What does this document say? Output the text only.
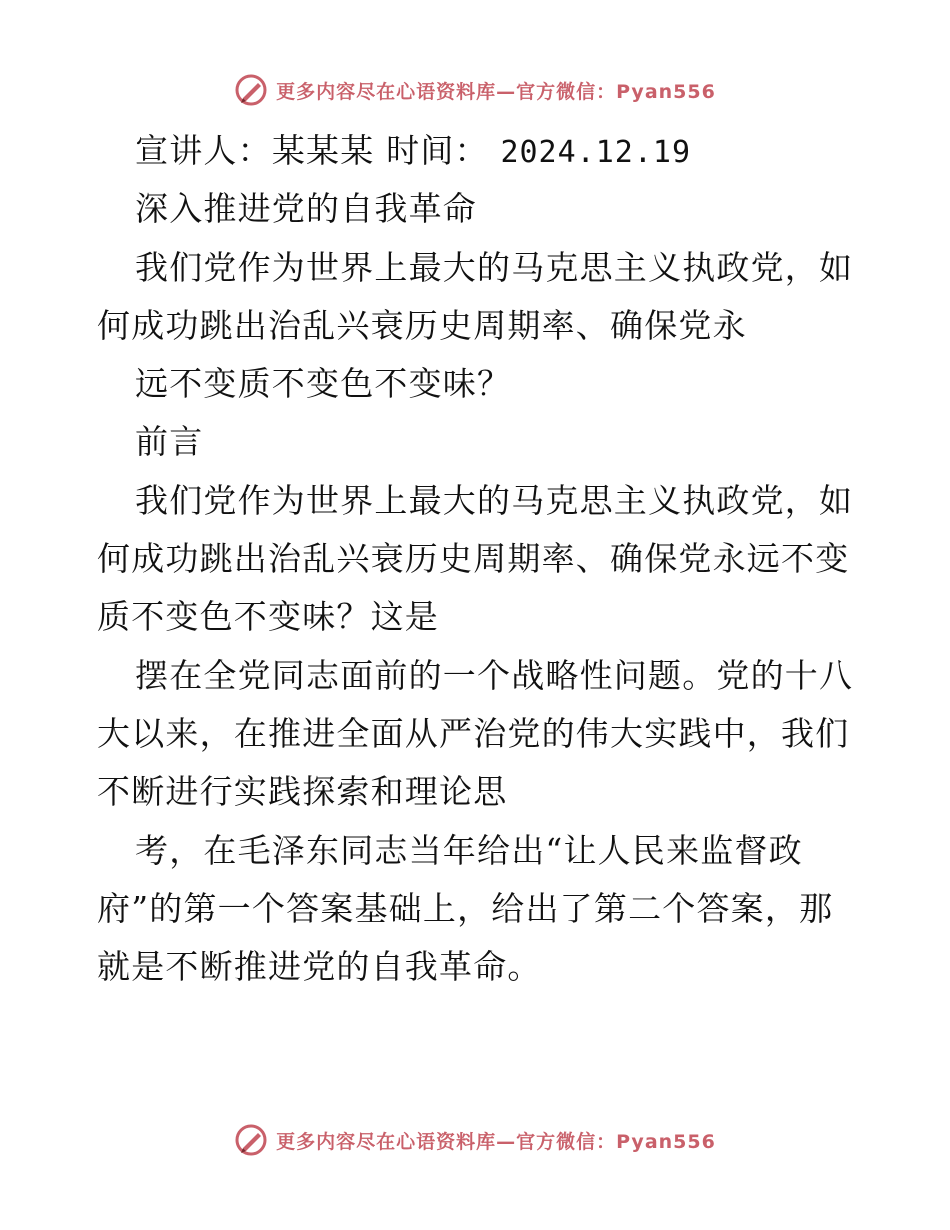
更多内容尽在心语资料库—官方微信：Pyan556
宣讲人：某某某 时间： 2024.12.19
深入推进党的自我革命
我们党作为世界上最大的马克思主义执政党，如
何成功跳出治乱兴衰历史周期率、确保党永
远不变质不变色不变味？
前言
我们党作为世界上最大的马克思主义执政党，如
何成功跳出治乱兴衰历史周期率、确保党永远不变
质不变色不变味？这是
摆在全党同志面前的一个战略性问题。党的十八
大以来，在推进全面从严治党的伟大实践中，我们
不断进行实践探索和理论思
考，在毛泽东同志当年给出“让人民来监督政
府”的第一个答案基础上，给出了第二个答案，那
就是不断推进党的自我革命。
更多内容尽在心语资料库—官方微信：Pyan556
